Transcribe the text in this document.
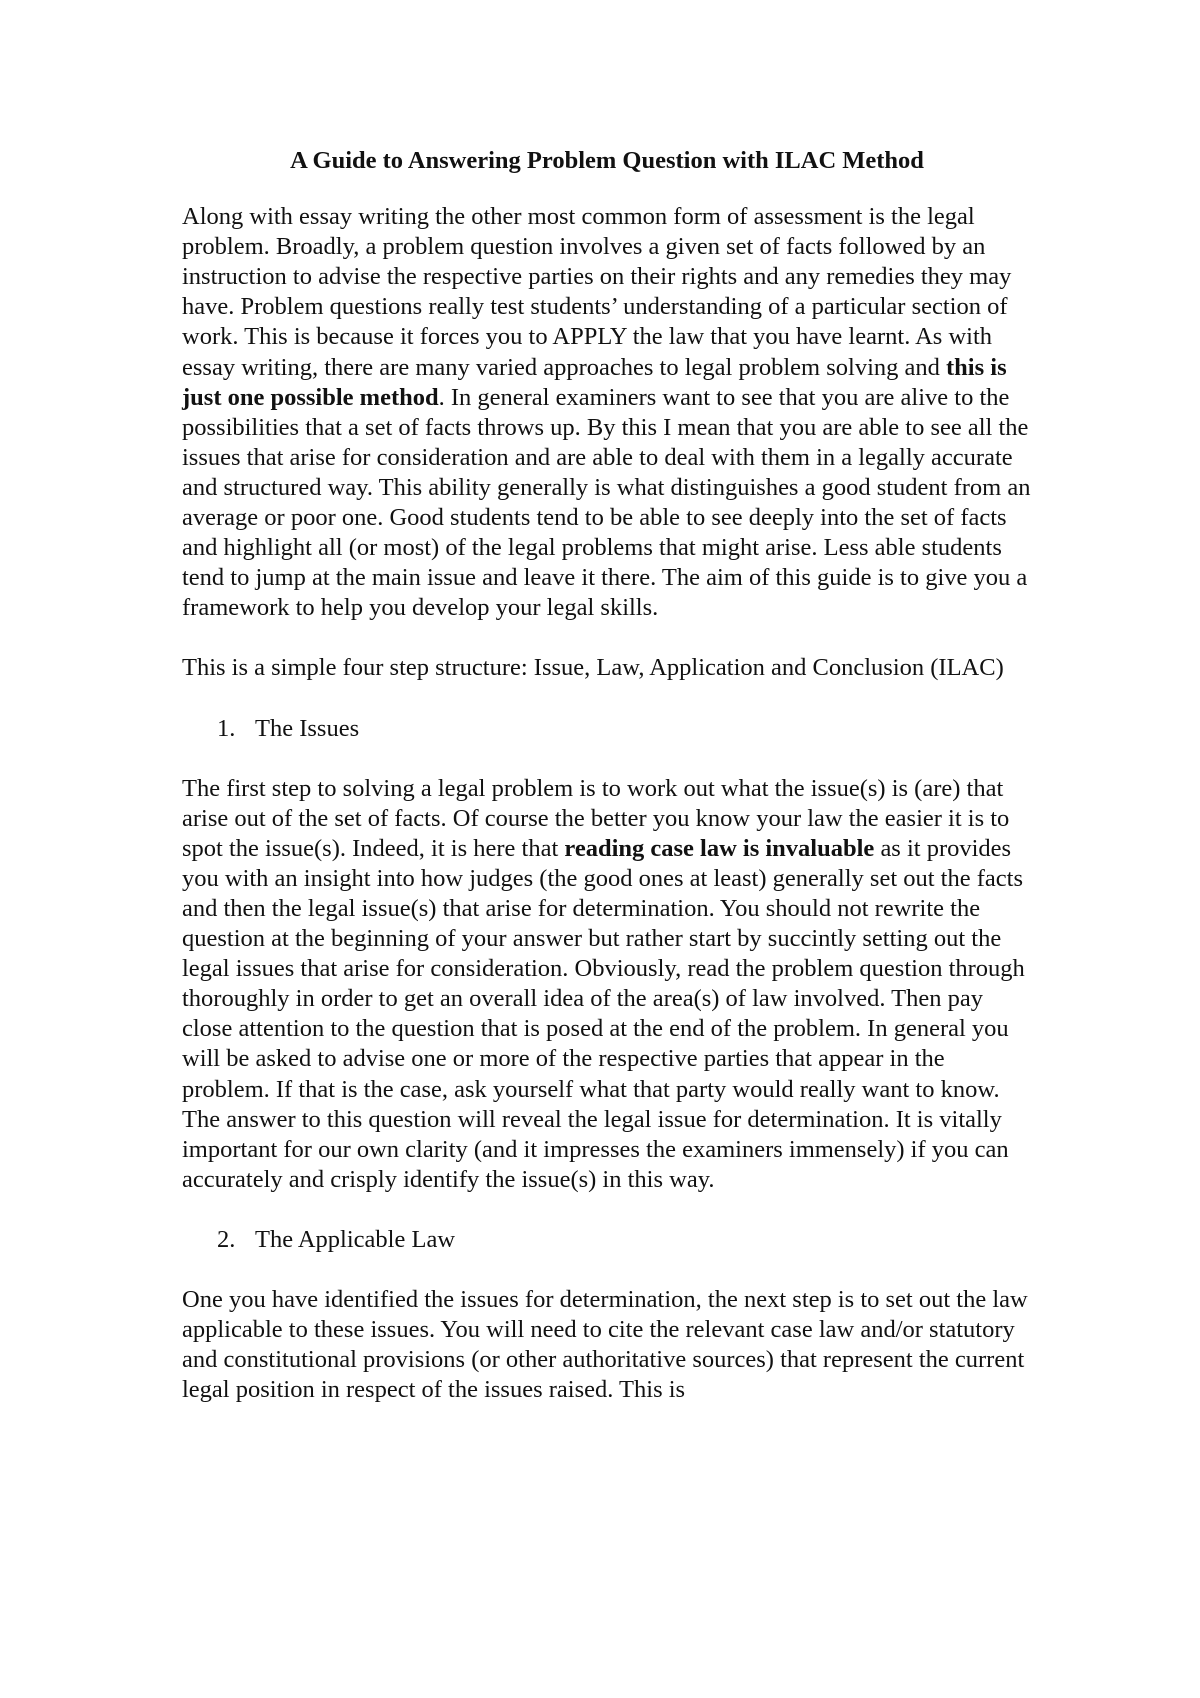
A Guide to Answering Problem Question with ILAC Method

Along with essay writing the other most common form of assessment is the legal problem. Broadly, a problem question involves a given set of facts followed by an instruction to advise the respective parties on their rights and any remedies they may have. Problem questions really test students’ understanding of a particular section of work. This is because it forces you to APPLY the law that you have learnt. As with essay writing, there are many varied approaches to legal problem solving and this is just one possible method. In general examiners want to see that you are alive to the possibilities that a set of facts throws up. By this I mean that you are able to see all the issues that arise for consideration and are able to deal with them in a legally accurate and structured way. This ability generally is what distinguishes a good student from an average or poor one. Good students tend to be able to see deeply into the set of facts and highlight all (or most) of the legal problems that might arise. Less able students tend to jump at the main issue and leave it there. The aim of this guide is to give you a framework to help you develop your legal skills.

This is a simple four step structure: Issue, Law, Application and Conclusion (ILAC)

1. The Issues

The first step to solving a legal problem is to work out what the issue(s) is (are) that arise out of the set of facts. Of course the better you know your law the easier it is to spot the issue(s). Indeed, it is here that reading case law is invaluable as it provides you with an insight into how judges (the good ones at least) generally set out the facts and then the legal issue(s) that arise for determination. You should not rewrite the question at the beginning of your answer but rather start by succintly setting out the legal issues that arise for consideration. Obviously, read the problem question through thoroughly in order to get an overall idea of the area(s) of law involved. Then pay close attention to the question that is posed at the end of the problem. In general you will be asked to advise one or more of the respective parties that appear in the problem. If that is the case, ask yourself what that party would really want to know. The answer to this question will reveal the legal issue for determination. It is vitally important for our own clarity (and it impresses the examiners immensely) if you can accurately and crisply identify the issue(s) in this way.

2. The Applicable Law

One you have identified the issues for determination, the next step is to set out the law applicable to these issues. You will need to cite the relevant case law and/or statutory and constitutional provisions (or other authoritative sources) that represent the current legal position in respect of the issues raised. This is
